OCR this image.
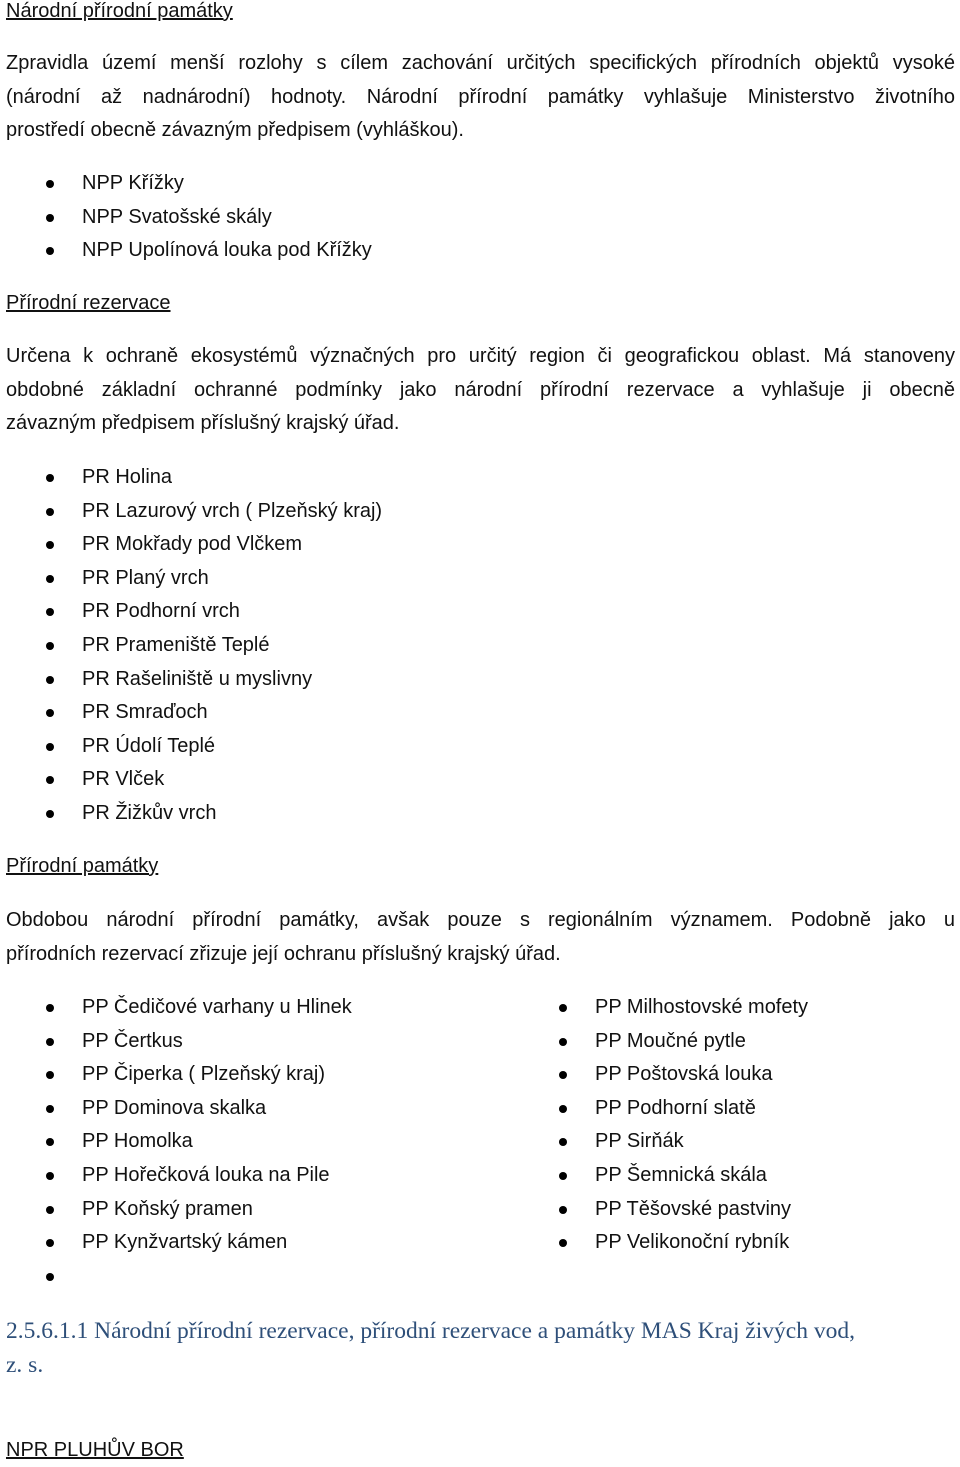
Národní přírodní památky
Zpravidla území menší rozlohy s cílem zachování určitých specifických přírodních objektů vysoké
(národní až nadnárodní) hodnoty. Národní přírodní památky vyhlašuje Ministerstvo životního
prostředí obecně závazným předpisem (vyhláškou).
NPP Křížky
NPP Svatošské skály
NPP Upolínová louka pod Křížky
Přírodní rezervace
Určena k ochraně ekosystémů význačných pro určitý region či geografickou oblast. Má stanoveny
obdobné základní ochranné podmínky jako národní přírodní rezervace a vyhlašuje ji obecně
závazným předpisem příslušný krajský úřad.
PR Holina
PR Lazurový vrch ( Plzeňský kraj)
PR Mokřady pod Vlčkem
PR Planý vrch
PR Podhorní vrch
PR Prameniště Teplé
PR Rašeliniště u myslivny
PR Smraďoch
PR Údolí Teplé
PR Vlček
PR Žižkův vrch
Přírodní památky
Obdobou národní přírodní památky, avšak pouze s regionálním významem. Podobně jako u
přírodních rezervací zřizuje její ochranu příslušný krajský úřad.
PP Čedičové varhany u Hlinek
PP Čertkus
PP Čiperka ( Plzeňský kraj)
PP Dominova skalka
PP Homolka
PP Hořečková louka na Pile
PP Koňský pramen
PP Kynžvartský kámen
PP Milhostovské mofety
PP Moučné pytle
PP Poštovská louka
PP Podhorní slatě
PP Sirňák
PP Šemnická skála
PP Těšovské pastviny
PP Velikonoční rybník
2.5.6.1.1 Národní přírodní rezervace, přírodní rezervace a památky MAS Kraj živých vod,
z. s.
NPR PLUHŮV BOR
